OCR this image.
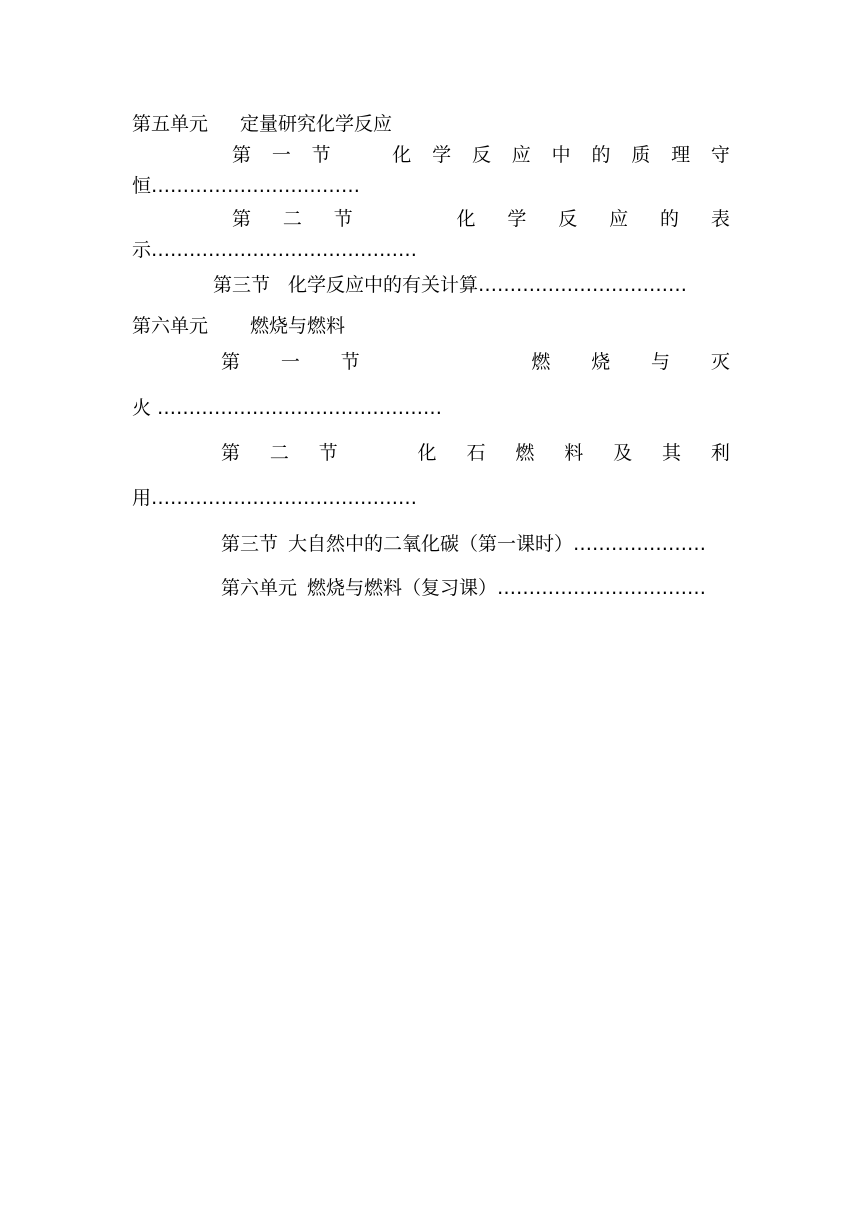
第五单元 定量研究化学反应
第 一 节	化 学 反 应 中 的 质 理 守
恒……………………………
第 二 节	化 学 反 应 的 表
示……………………………………
第三节 化学反应中的有关计算……………………………
第六单元 燃烧与燃料
第 一 节	燃 烧 与 灭
火 ………………………………………
第 二 节	化 石 燃 料 及 其 利
用……………………………………
第三节 大自然中的二氧化碳（第一课时）…………………
第六单元 燃烧与燃料（复习课）……………………………
